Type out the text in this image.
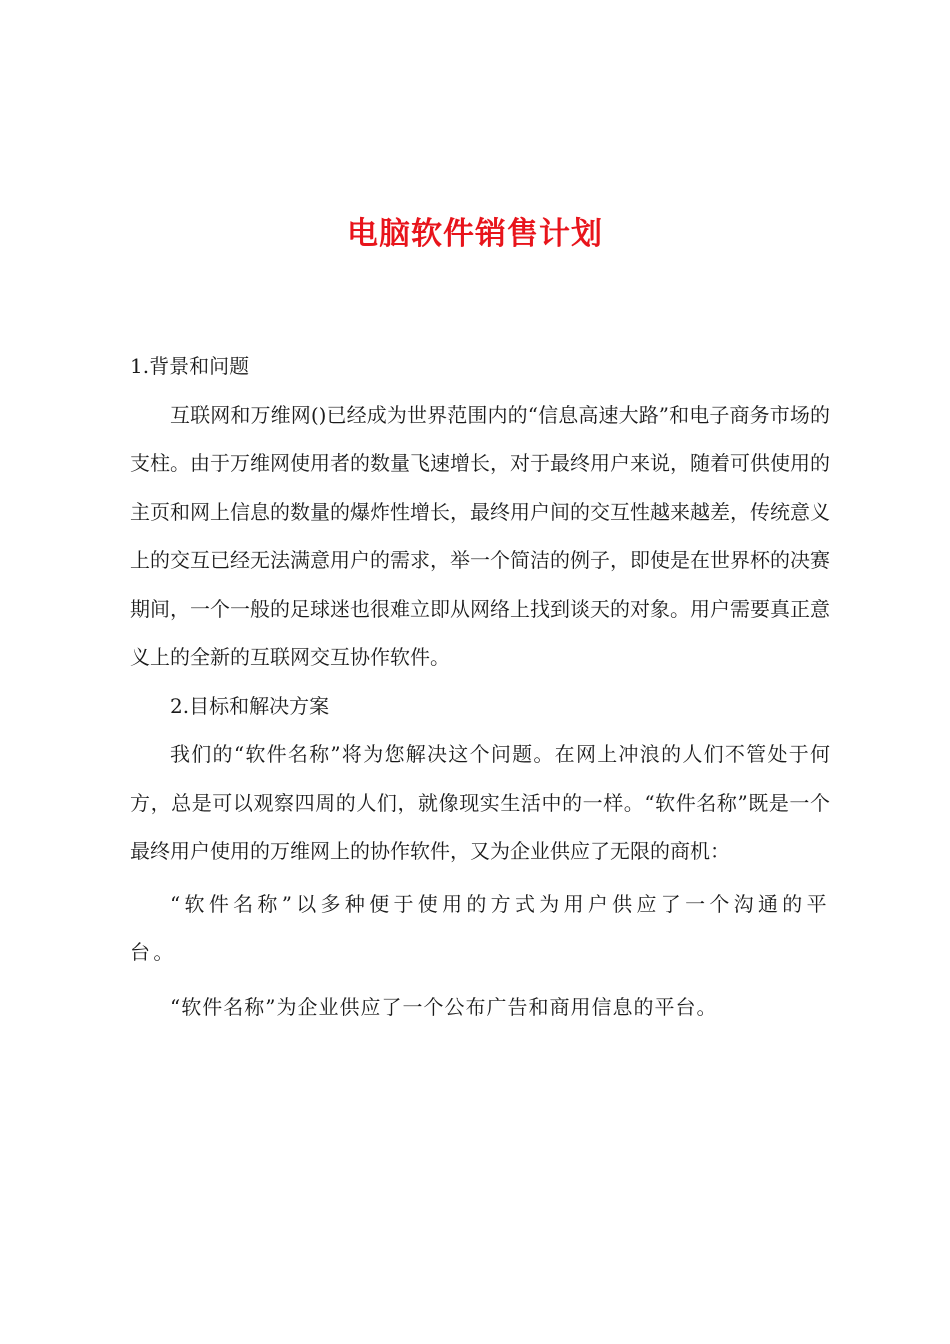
电脑软件销售计划

1.背景和问题

互联网和万维网()已经成为世界范围内的“信息高速大路”和电子商务市场的支柱。由于万维网使用者的数量飞速增长，对于最终用户来说，随着可供使用的主页和网上信息的数量的爆炸性增长，最终用户间的交互性越来越差，传统意义上的交互已经无法满意用户的需求，举一个简洁的例子，即使是在世界杯的决赛期间，一个一般的足球迷也很难立即从网络上找到谈天的对象。用户需要真正意义上的全新的互联网交互协作软件。

2.目标和解决方案

我们的“软件名称”将为您解决这个问题。在网上冲浪的人们不管处于何方，总是可以观察四周的人们，就像现实生活中的一样。“软件名称”既是一个最终用户使用的万维网上的协作软件，又为企业供应了无限的商机：

“软件名称”以多种便于使用的方式为用户供应了一个沟通的平台。

“软件名称”为企业供应了一个公布广告和商用信息的平台。
